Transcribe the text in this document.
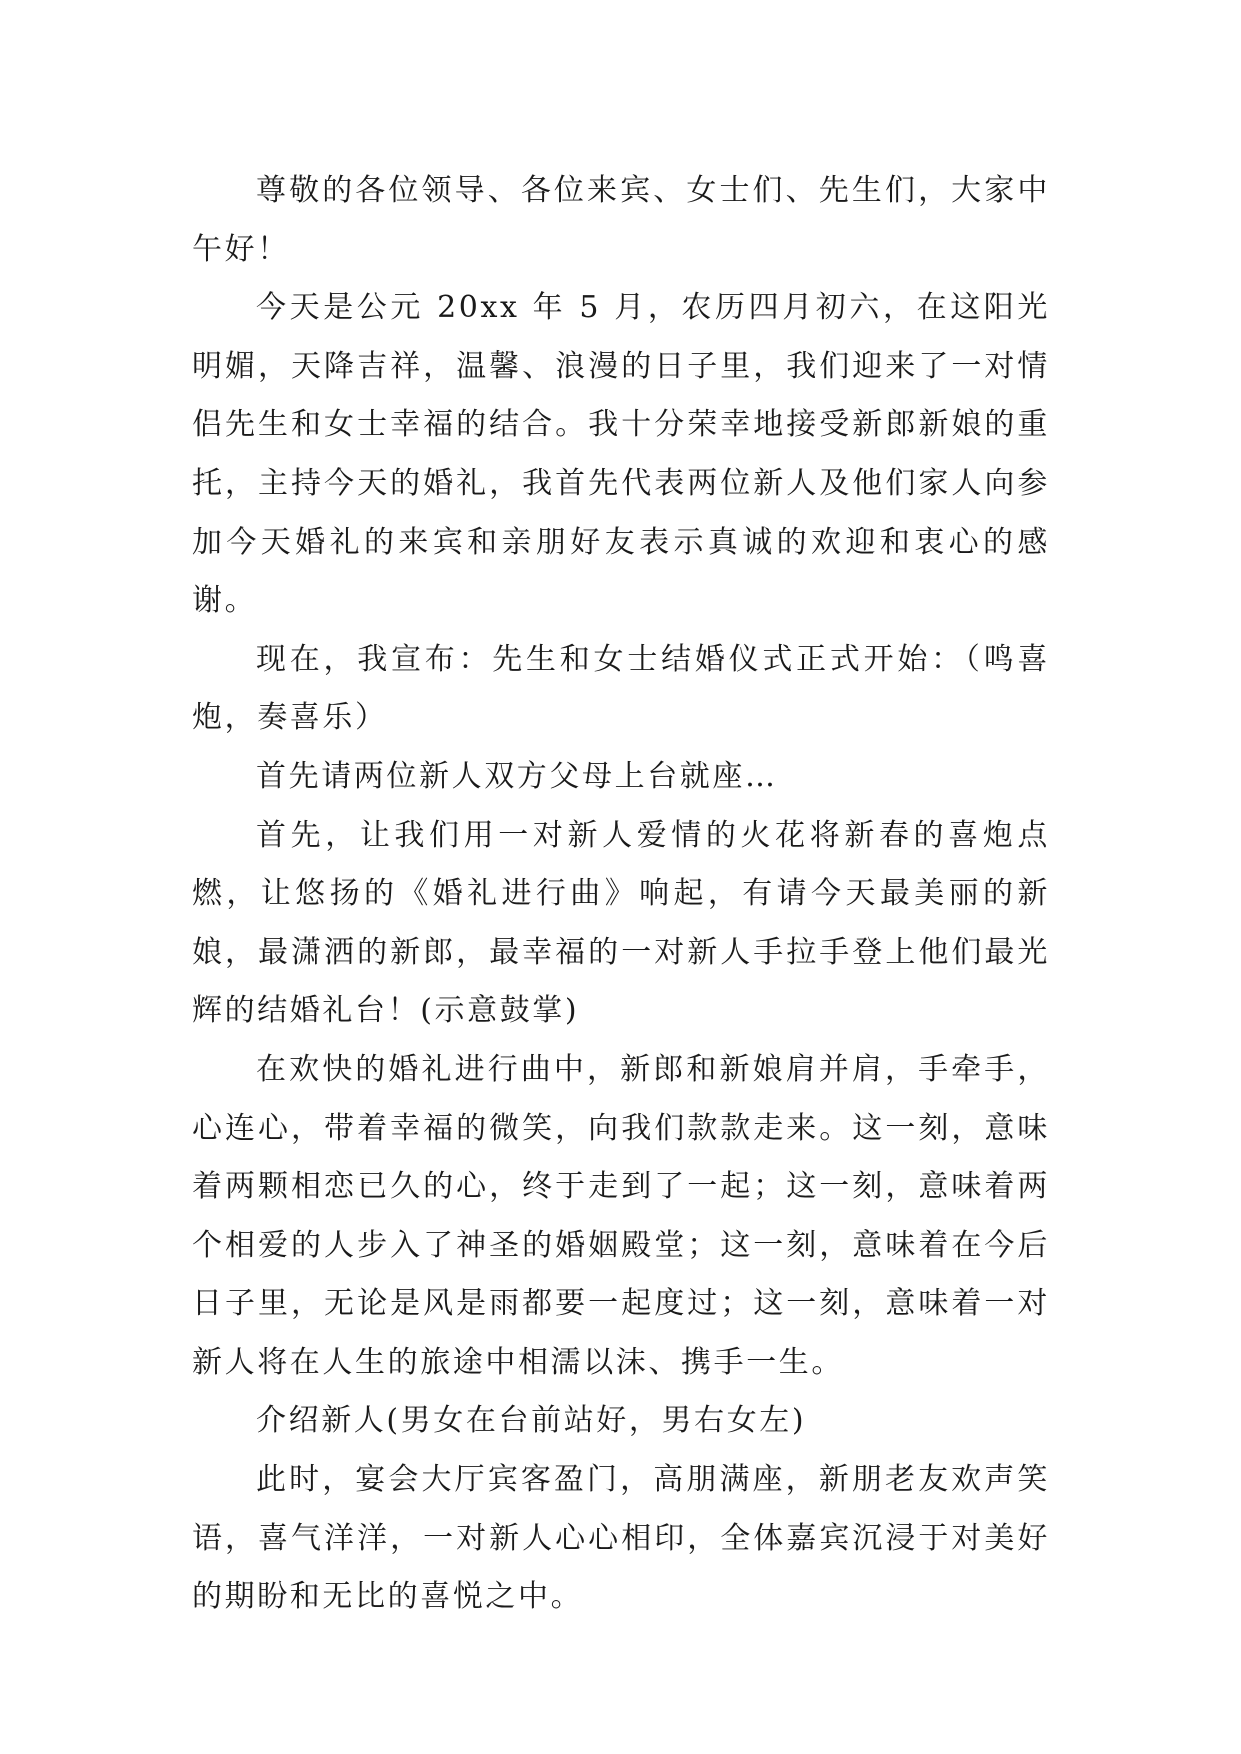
尊敬的各位领导、各位来宾、女士们、先生们，大家中午好！

今天是公元 20xx 年 5 月，农历四月初六，在这阳光明媚，天降吉祥，温馨、浪漫的日子里，我们迎来了一对情侣先生和女士幸福的结合。我十分荣幸地接受新郎新娘的重托，主持今天的婚礼，我首先代表两位新人及他们家人向参加今天婚礼的来宾和亲朋好友表示真诚的欢迎和衷心的感谢。

现在，我宣布：先生和女士结婚仪式正式开始：（鸣喜炮，奏喜乐）

首先请两位新人双方父母上台就座…

首先，让我们用一对新人爱情的火花将新春的喜炮点燃，让悠扬的《婚礼进行曲》响起，有请今天最美丽的新娘，最潇洒的新郎，最幸福的一对新人手拉手登上他们最光辉的结婚礼台！(示意鼓掌)

在欢快的婚礼进行曲中，新郎和新娘肩并肩，手牵手，心连心，带着幸福的微笑，向我们款款走来。这一刻，意味着两颗相恋已久的心，终于走到了一起；这一刻，意味着两个相爱的人步入了神圣的婚姻殿堂；这一刻，意味着在今后日子里，无论是风是雨都要一起度过；这一刻，意味着一对新人将在人生的旅途中相濡以沫、携手一生。

介绍新人(男女在台前站好，男右女左)

此时，宴会大厅宾客盈门，高朋满座，新朋老友欢声笑语，喜气洋洋，一对新人心心相印，全体嘉宾沉浸于对美好的期盼和无比的喜悦之中。
